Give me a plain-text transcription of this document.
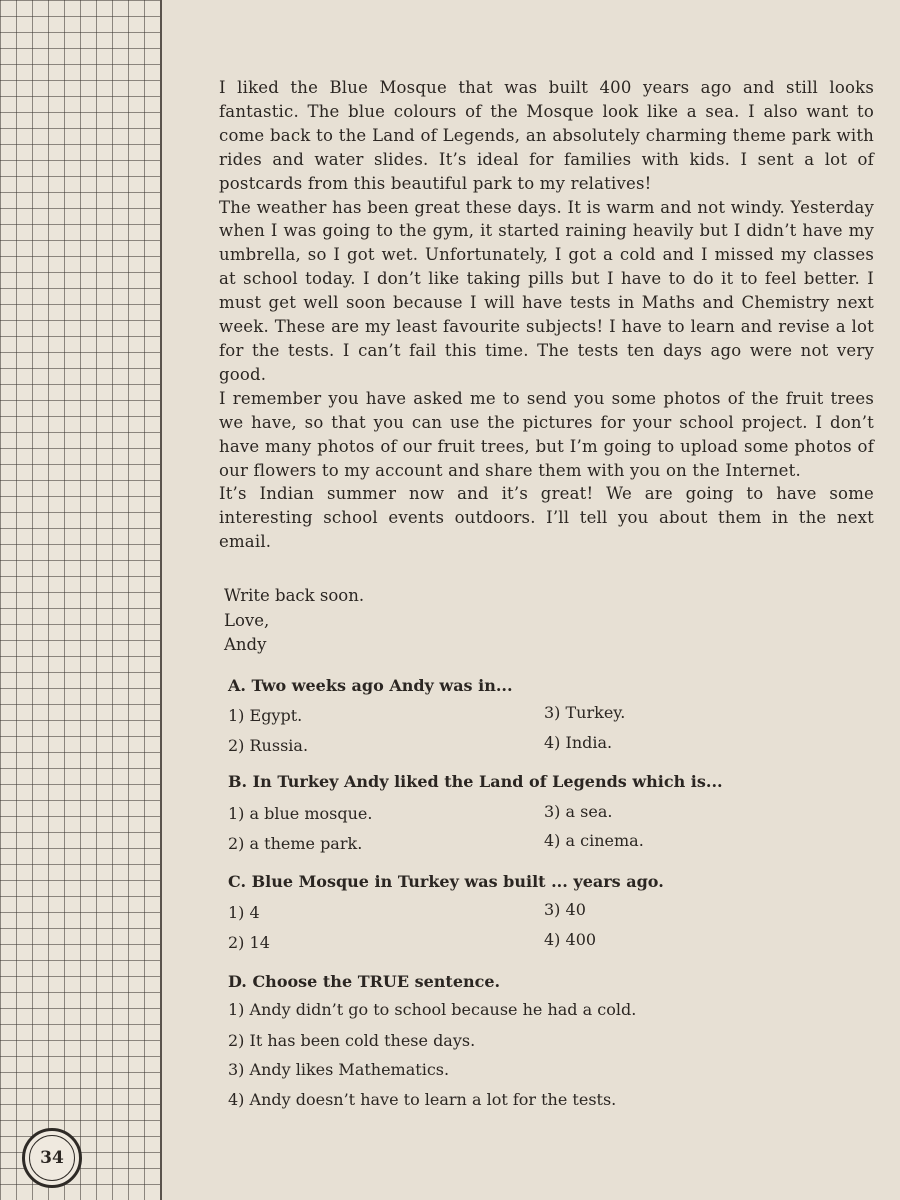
I liked the Blue Mosque that was built 400 years ago and still looks fantastic. The blue colours of the Mosque look like a sea. I also want to come back to the Land of Legends, an absolutely charming theme park with rides and water slides. It’s ideal for families with kids. I sent a lot of postcards from this beautiful park to my relatives!

The weather has been great these days. It is warm and not windy. Yesterday when I was going to the gym, it started raining heavily but I didn’t have my umbrella, so I got wet. Unfortunately, I got a cold and I missed my classes at school today. I don’t like taking pills but I have to do it to feel better. I must get well soon because I will have tests in Maths and Chemistry next week. These are my least favourite subjects! I have to learn and revise a lot for the tests. I can’t fail this time. The tests ten days ago were not very good.

I remember you have asked me to send you some photos of the fruit trees we have, so that you can use the pictures for your school project. I don’t have many photos of our fruit trees, but I’m going to upload some photos of our flowers to my account and share them with you on the Internet.

It’s Indian summer now and it’s great! We are going to have some interesting school events outdoors. I’ll tell you about them in the next email.

Write back soon.
Love,
Andy
A. Two weeks ago Andy was in...
1) Egypt.
2) Russia.
3) Turkey.
4) India.
B. In Turkey Andy liked the Land of Legends which is...
1) a blue mosque.
2) a theme park.
3) a sea.
4) a cinema.
C. Blue Mosque in Turkey was built ... years ago.
1) 4
2) 14
3) 40
4) 400
D. Choose the TRUE sentence.
1) Andy didn’t go to school because he had a cold.
2) It has been cold these days.
3) Andy likes Mathematics.
4) Andy doesn’t have to learn a lot for the tests.
34
